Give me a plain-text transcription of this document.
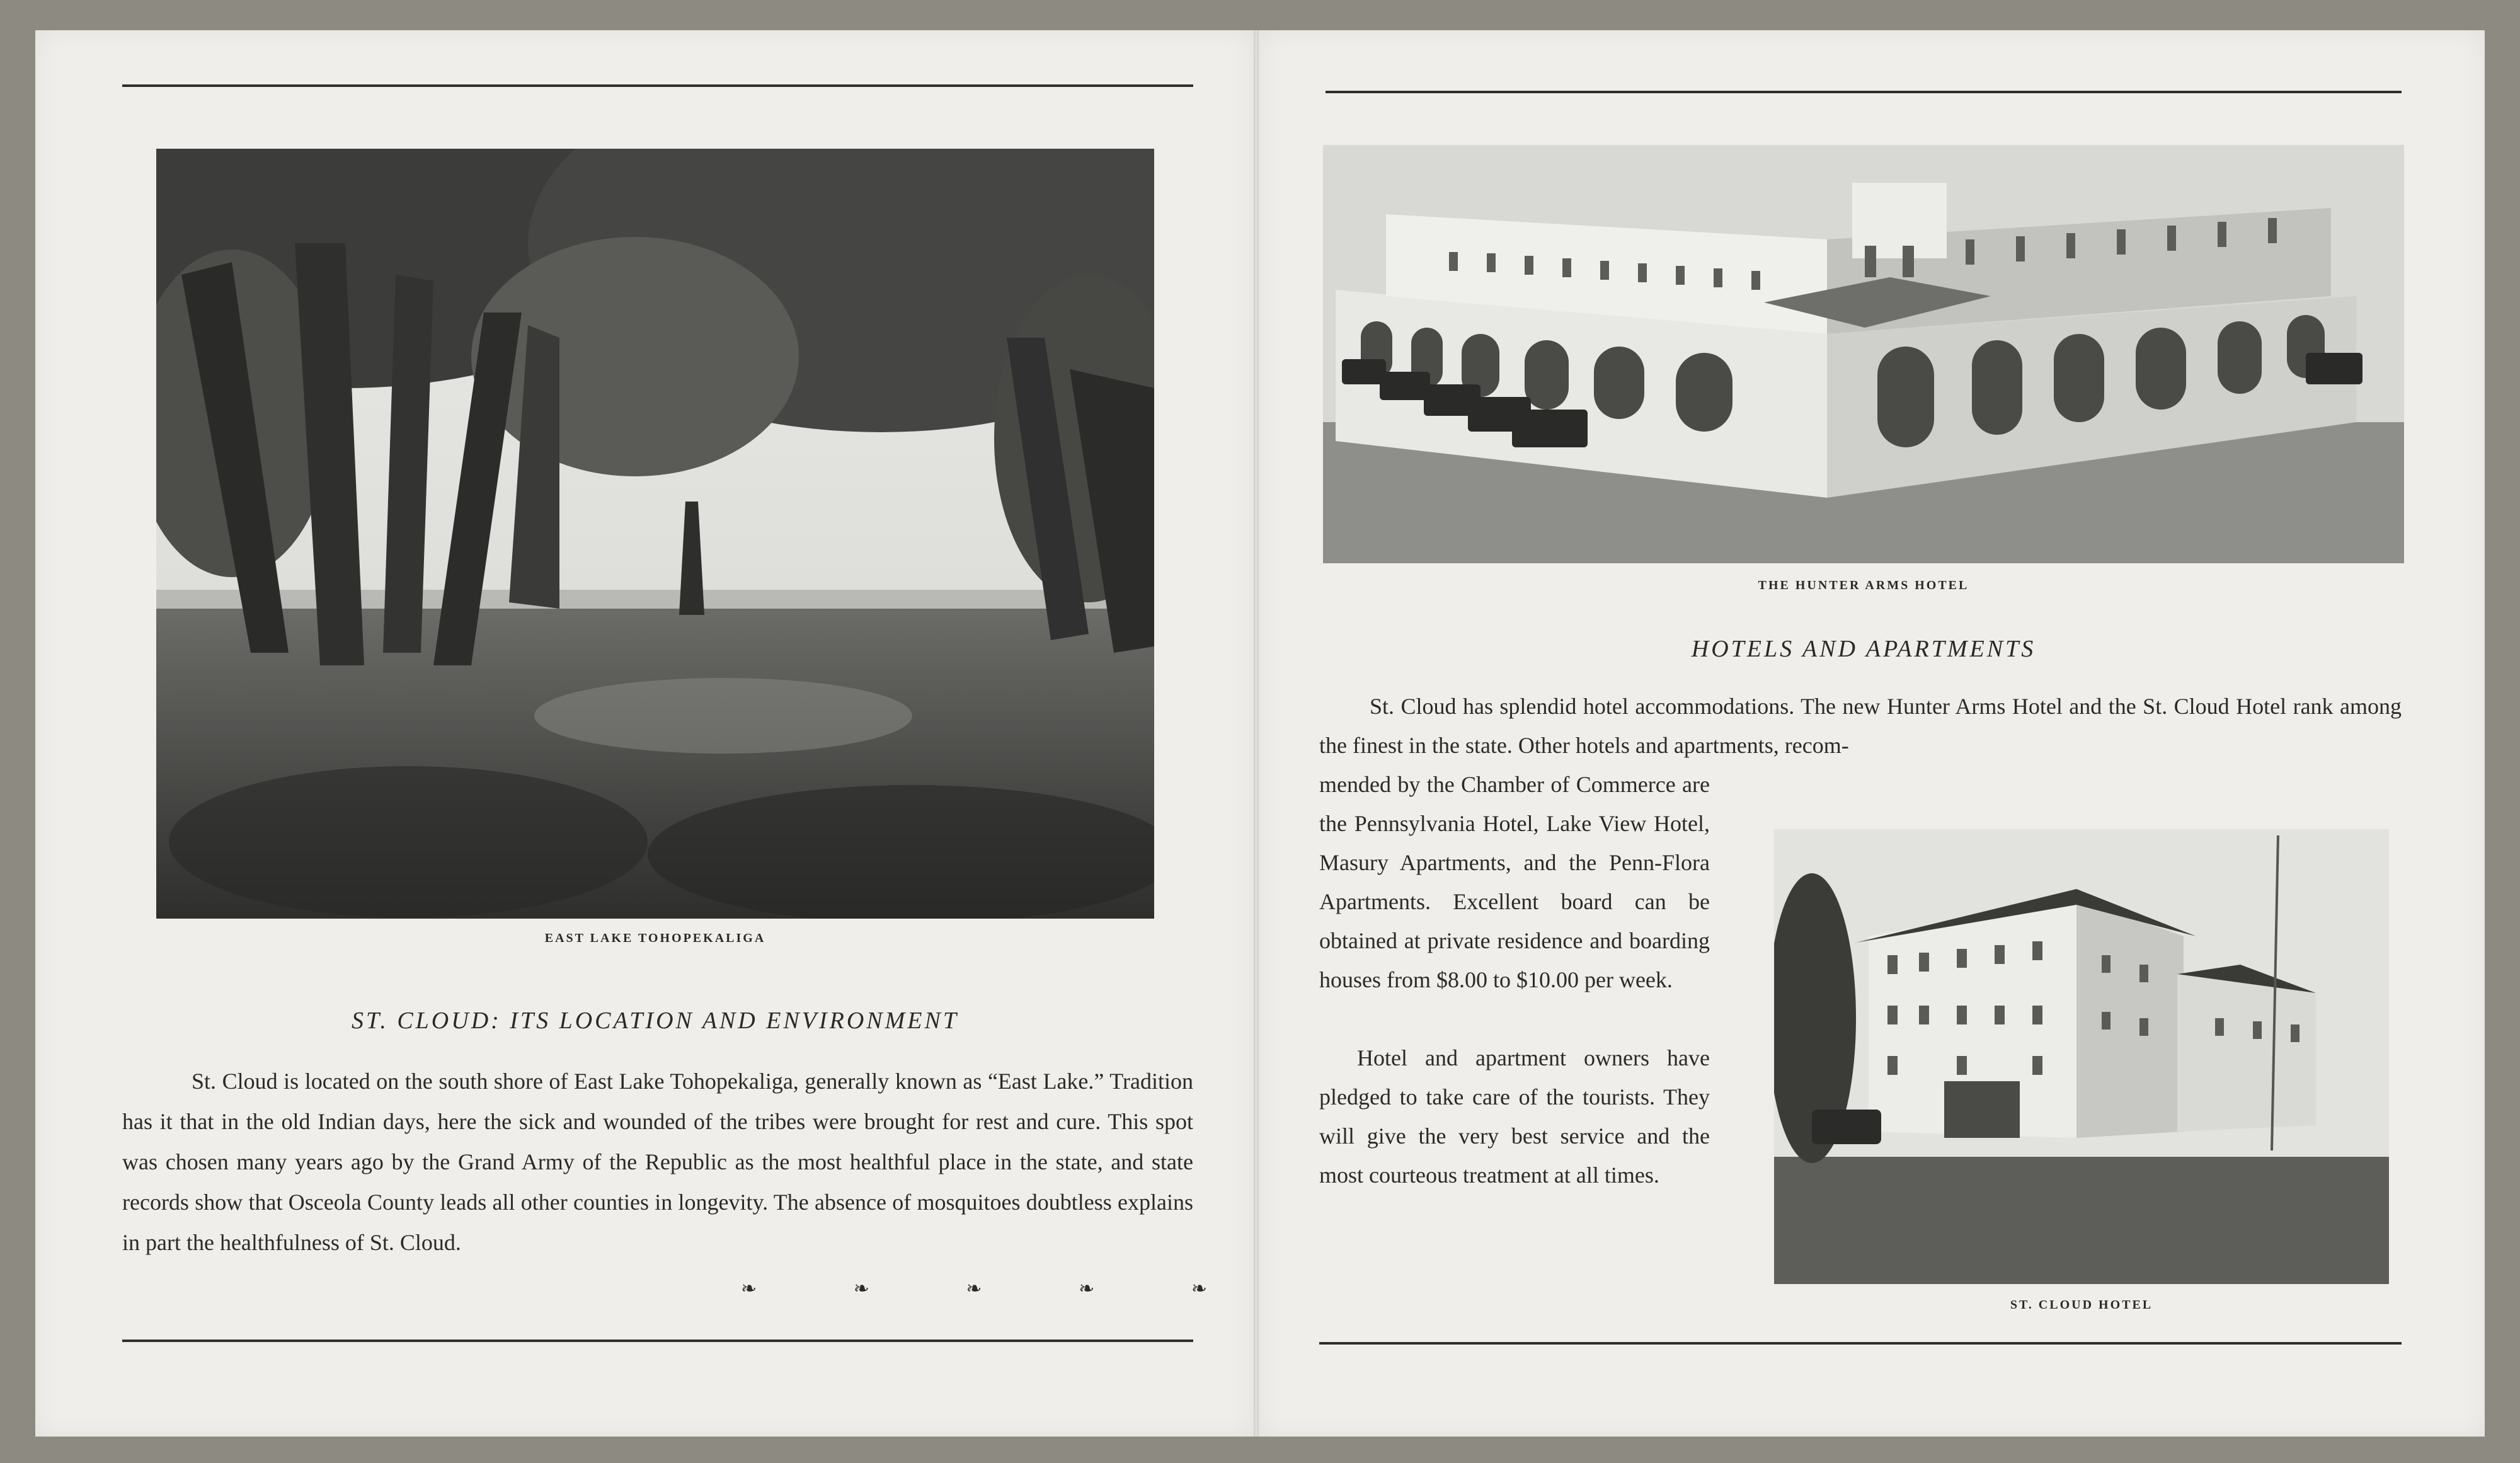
EAST LAKE TOHOPEKALIGA
ST. CLOUD: ITS LOCATION AND ENVIRONMENT

St. Cloud is located on the south shore of East Lake Tohopekaliga, generally known as “East Lake.” Tradition has it that in the old Indian days, here the sick and wounded of the tribes were brought for rest and cure. This spot was chosen many years ago by the Grand Army of the Republic as the most healthful place in the state, and state records show that Osceola County leads all other counties in longevity. The absence of mosquitoes doubtless explains in part the healthfulness of St. Cloud.

❧	❧	❧	❧	❧
THE HUNTER ARMS HOTEL
HOTELS AND APARTMENTS
St. Cloud has splendid hotel accommodations. The new Hunter Arms Hotel and the St. Cloud Hotel rank among the finest in the state. Other hotels and apartments, recom-

mended by the Chamber of Commerce are the Pennsylvania Hotel, Lake View Hotel, Masury Apartments, and the Penn-Flora Apartments. Excellent board can be obtained at private residence and boarding houses from $8.00 to $10.00 per week.

Hotel and apartment owners have pledged to take care of the tourists. They will give the very best service and the most courteous treatment at all times.

ST. CLOUD HOTEL
